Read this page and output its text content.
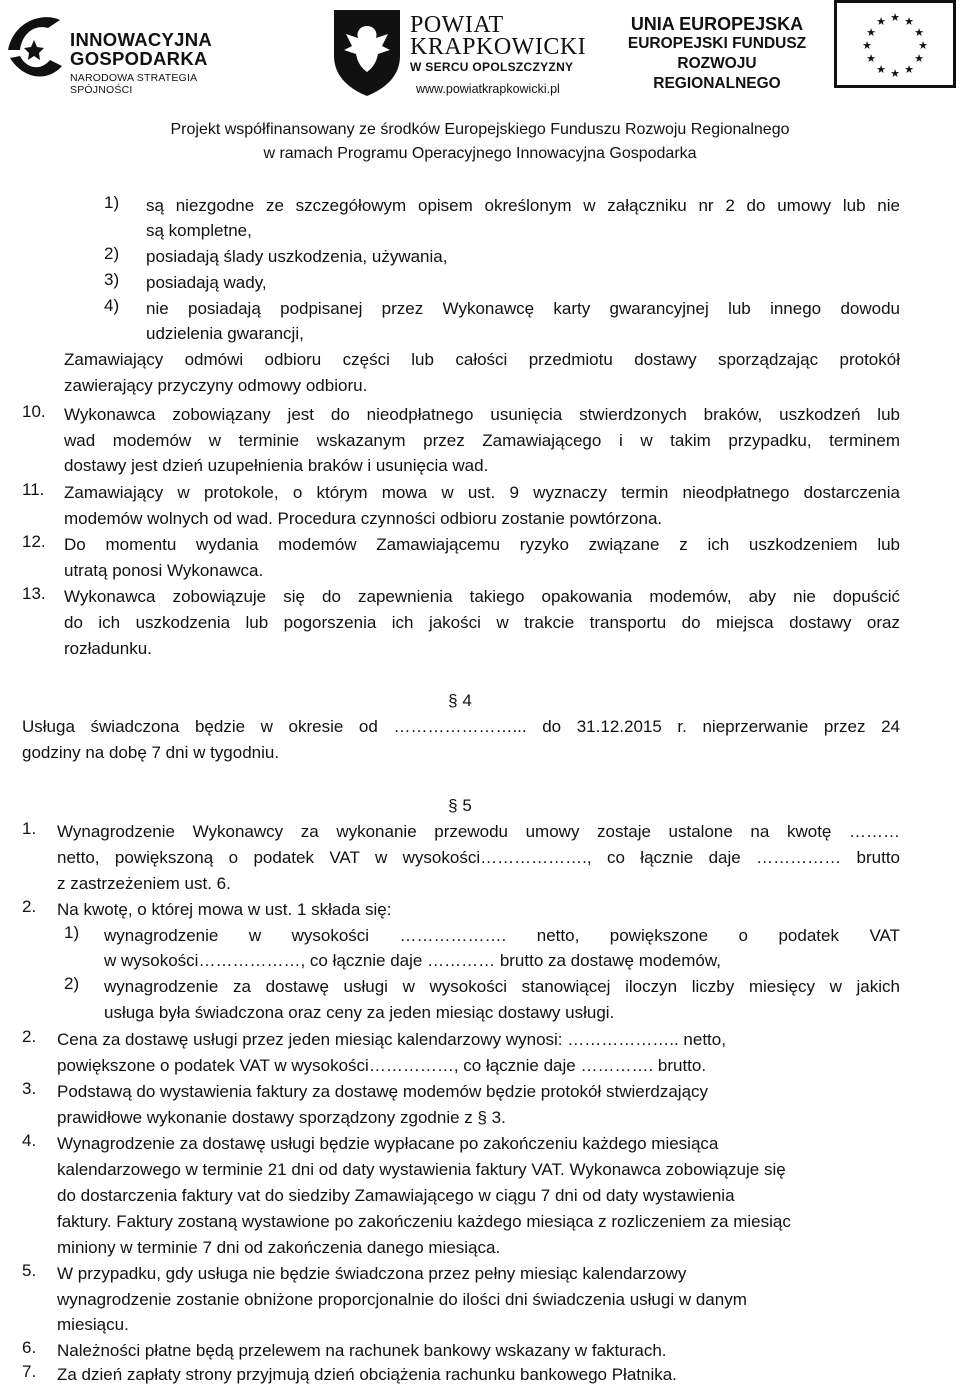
INNOWACYJNA
GOSPODARKA
NARODOWA STRATEGIA SPÓJNOŚCI
POWIAT
KRAPKOWICKI
W SERCU OPOLSZCZYZNY
www.powiatkrapkowicki.pl
UNIA EUROPEJSKA
EUROPEJSKI FUNDUSZ
ROZWOJU REGIONALNEGO
★ ★
★
★
★
★
★
★
★
★
★
★
Projekt współfinansowany ze środków Europejskiego Funduszu Rozwoju Regionalnego
w ramach Programu Operacyjnego Innowacyjna Gospodarka
1) są niezgodne ze szczegółowym opisem określonym w załączniku nr 2 do umowy lub nie
są kompletne,
2) posiadają ślady uszkodzenia, używania,
3) posiadają wady,
4) nie posiadają podpisanej przez Wykonawcę karty gwarancyjnej lub innego dowodu
udzielenia gwarancji,
Zamawiający odmówi odbioru części lub całości przedmiotu dostawy sporządzając protokół
zawierający przyczyny odmowy odbioru.
10. Wykonawca zobowiązany jest do nieodpłatnego usunięcia stwierdzonych braków, uszkodzeń lub
wad modemów w terminie wskazanym przez Zamawiającego i w takim przypadku, terminem
dostawy jest dzień uzupełnienia braków i usunięcia wad.
11. Zamawiający w protokole, o którym mowa w ust. 9 wyznaczy termin nieodpłatnego dostarczenia
modemów wolnych od wad. Procedura czynności odbioru zostanie powtórzona.
12. Do momentu wydania modemów Zamawiającemu ryzyko związane z ich uszkodzeniem lub
utratą ponosi Wykonawca.
13. Wykonawca zobowiązuje się do zapewnienia takiego opakowania modemów, aby nie dopuścić
do ich uszkodzenia lub pogorszenia ich jakości w trakcie transportu do miejsca dostawy oraz
rozładunku.
§ 4
Usługa świadczona będzie w okresie od …………………... do 31.12.2015 r. nieprzerwanie przez 24
godziny na dobę 7 dni w tygodniu.
§ 5
1. Wynagrodzenie Wykonawcy za wykonanie przewodu umowy zostaje ustalone na kwotę ………
netto, powiększoną o podatek VAT w wysokości………………., co łącznie daje …………… brutto
z zastrzeżeniem ust. 6.
2. Na kwotę, o której mowa w ust. 1 składa się:
1) wynagrodzenie w wysokości ………………. netto, powiększone o podatek VAT
w wysokości………………, co łącznie daje ………… brutto za dostawę modemów,
2) wynagrodzenie za dostawę usługi w wysokości stanowiącej iloczyn liczby miesięcy w jakich
usługa była świadczona oraz ceny za jeden miesiąc dostawy usługi.
2. Cena za dostawę usługi przez jeden miesiąc kalendarzowy wynosi: ……………….. netto,
powiększone o podatek VAT w wysokości……………, co łącznie daje …………. brutto.
3. Podstawą do wystawienia faktury za dostawę modemów będzie protokół stwierdzający
prawidłowe wykonanie dostawy sporządzony zgodnie z § 3.
4. Wynagrodzenie za dostawę usługi będzie wypłacane po zakończeniu każdego miesiąca
kalendarzowego w terminie 21 dni od daty wystawienia faktury VAT. Wykonawca zobowiązuje się
do dostarczenia faktury vat do siedziby Zamawiającego w ciągu 7 dni od daty wystawienia
faktury. Faktury zostaną wystawione po zakończeniu każdego miesiąca z rozliczeniem za miesiąc
miniony w terminie 7 dni od zakończenia danego miesiąca.
5. W przypadku, gdy usługa nie będzie świadczona przez pełny miesiąc kalendarzowy
wynagrodzenie zostanie obniżone proporcjonalnie do ilości dni świadczenia usługi w danym
miesiącu.
6. Należności płatne będą przelewem na rachunek bankowy wskazany w fakturach.
7. Za dzień zapłaty strony przyjmują dzień obciążenia rachunku bankowego Płatnika.
